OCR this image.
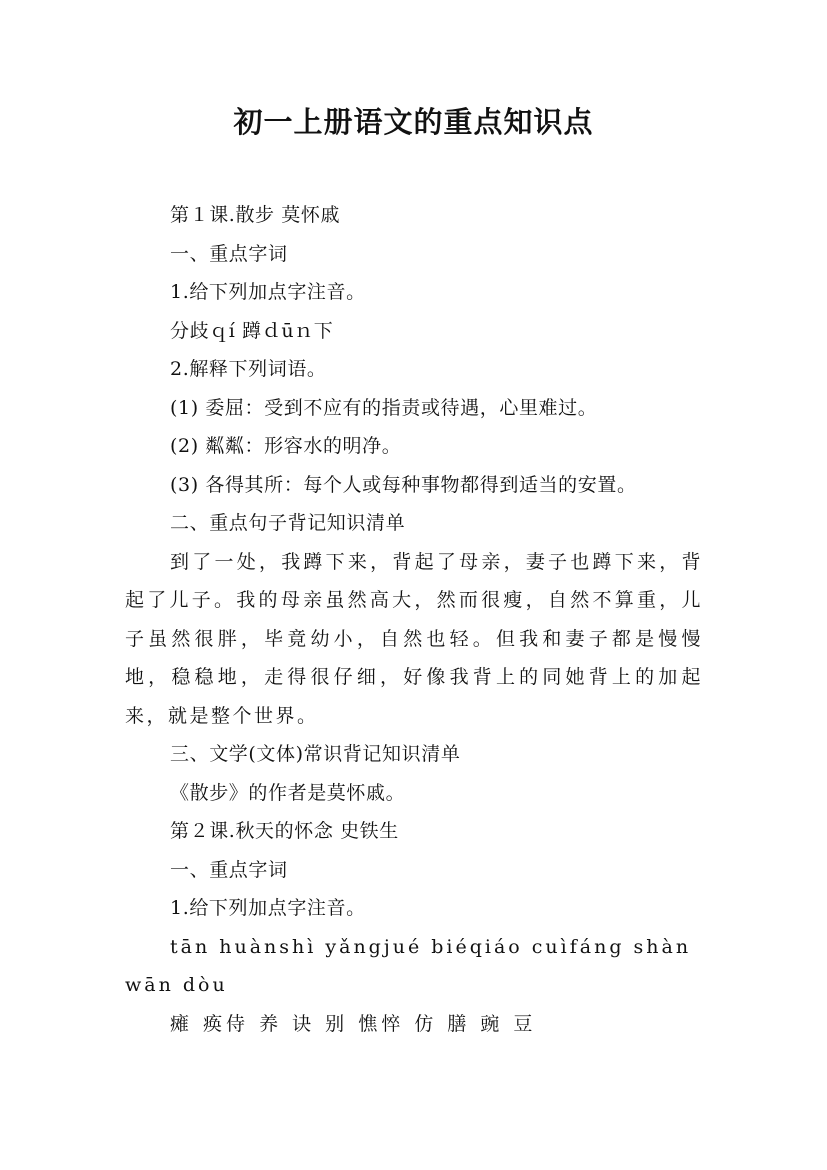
初一上册语文的重点知识点

第１课.散步 莫怀戚

一、重点字词

1.给下列加点字注音。

分歧ｑí 蹲ｄūｎ下

2.解释下列词语。

(1) 委屈：受到不应有的指责或待遇，心里难过。

(2) 粼粼：形容水的明净。

(3) 各得其所：每个人或每种事物都得到适当的安置。

二、重点句子背记知识清单

到了一处，我蹲下来，背起了母亲，妻子也蹲下来，背起了儿子。我的母亲虽然高大，然而很瘦，自然不算重，儿子虽然很胖，毕竟幼小，自然也轻。但我和妻子都是慢慢地，稳稳地，走得很仔细，好像我背上的同她背上的加起来，就是整个世界。

三、文学(文体)常识背记知识清单

《散步》的作者是莫怀戚。

第２课.秋天的怀念 史铁生

一、重点字词

1.给下列加点字注音。

tān huànshì yǎngjué biéqiáo cuìfáng shànwān dòu

瘫 痪侍 养 诀 别 憔悴 仿 膳 豌 豆
